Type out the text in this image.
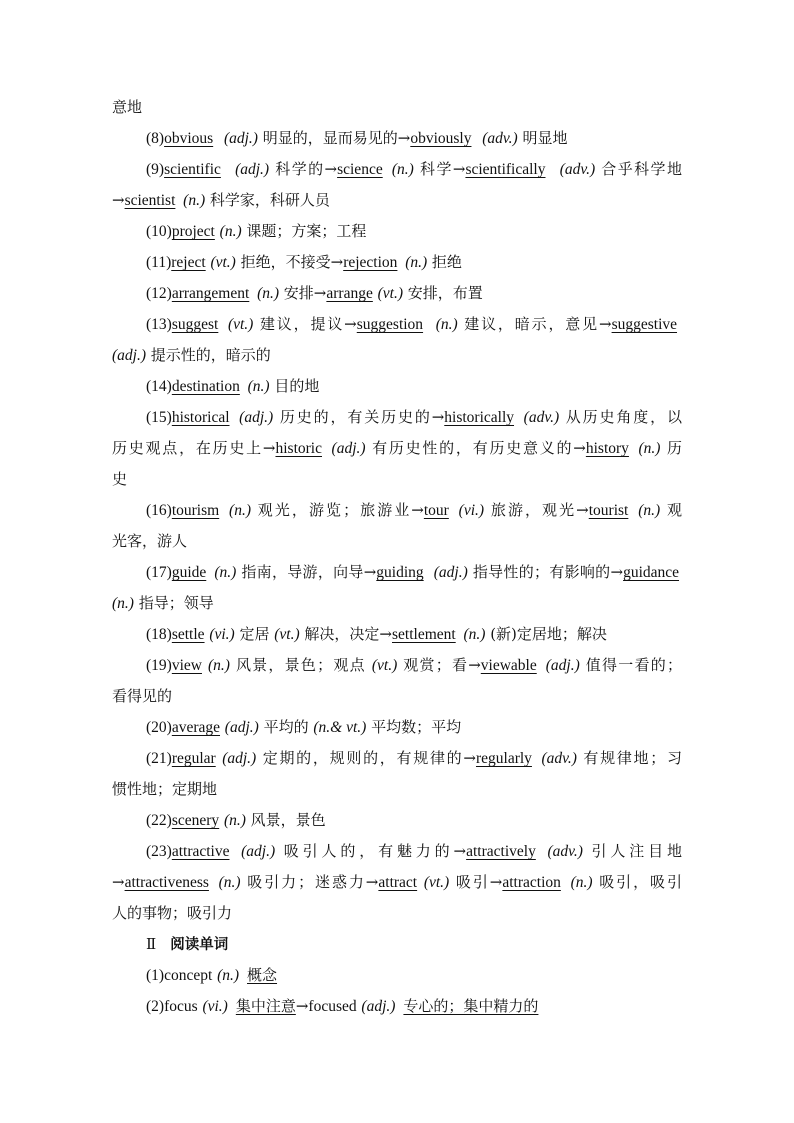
意地
(8)obvious (adj.) 明显的，显而易见的→obviously (adv.) 明显地
(9)scientific (adj.) 科学的→science (n.) 科学→scientifically (adv.) 合乎科学地
→scientist (n.) 科学家，科研人员
(10)project (n.) 课题；方案；工程
(11)reject (vt.) 拒绝，不接受→rejection (n.) 拒绝
(12)arrangement (n.) 安排→arrange (vt.) 安排，布置
(13)suggest (vt.) 建议，提议→suggestion (n.) 建议，暗示，意见→suggestive
(adj.) 提示性的，暗示的
(14)destination (n.) 目的地
(15)historical (adj.) 历史的，有关历史的→historically (adv.) 从历史角度，以
历史观点，在历史上→historic (adj.) 有历史性的，有历史意义的→history (n.) 历
史
(16)tourism (n.) 观光，游览；旅游业→tour (vi.) 旅游，观光→tourist (n.) 观
光客，游人
(17)guide (n.) 指南，导游，向导→guiding (adj.) 指导性的；有影响的→guidance
(n.) 指导；领导
(18)settle (vi.) 定居 (vt.) 解决，决定→settlement (n.) (新)定居地；解决
(19)view (n.) 风景，景色；观点 (vt.) 观赏；看→viewable (adj.) 值得一看的；
看得见的
(20)average (adj.) 平均的 (n.& vt.) 平均数；平均
(21)regular (adj.) 定期的，规则的，有规律的→regularly (adv.) 有规律地；习
惯性地；定期地
(22)scenery (n.) 风景，景色
(23)attractive (adj.) 吸引人的，有魅力的→attractively (adv.) 引人注目地
→attractiveness (n.) 吸引力；迷惑力→attract (vt.) 吸引→attraction (n.) 吸引，吸引
人的事物；吸引力
Ⅱ 阅读单词
(1)concept (n.) 概念
(2)focus (vi.) 集中注意→focused (adj.) 专心的；集中精力的
